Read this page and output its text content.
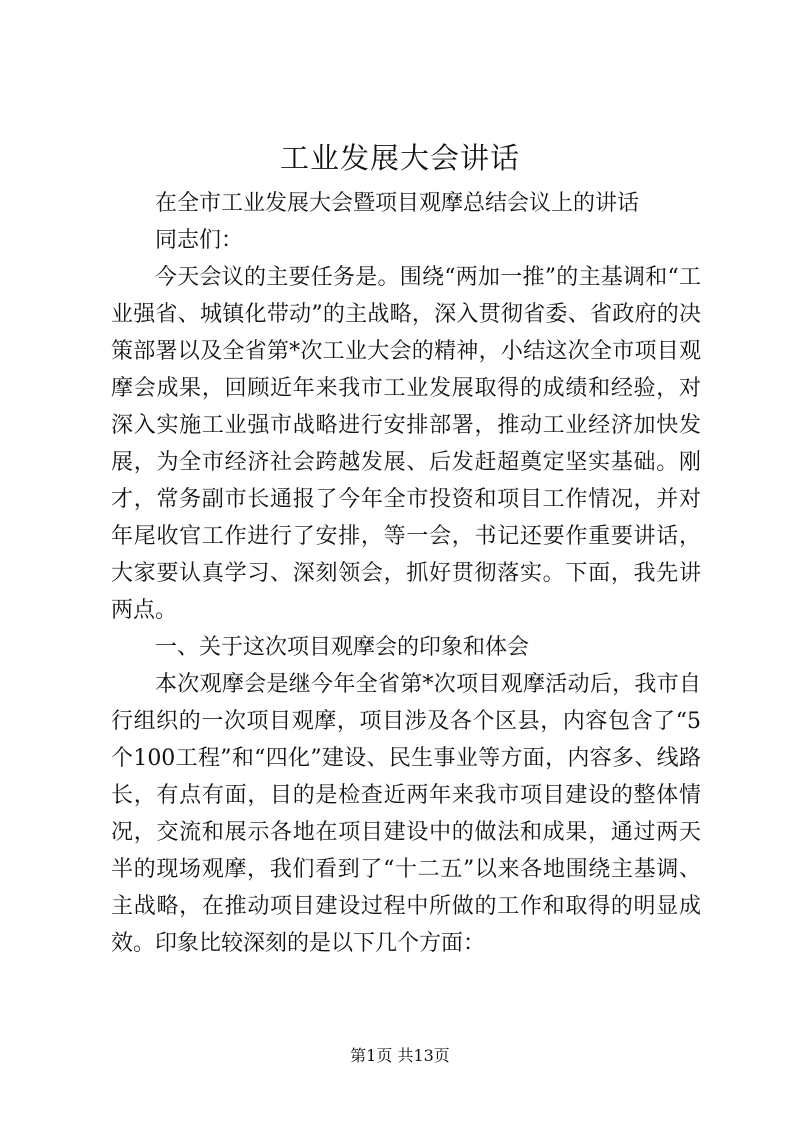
工业发展大会讲话

在全市工业发展大会暨项目观摩总结会议上的讲话

同志们：

今天会议的主要任务是。围绕“两加一推”的主基调和“工业强省、城镇化带动”的主战略，深入贯彻省委、省政府的决策部署以及全省第*次工业大会的精神，小结这次全市项目观摩会成果，回顾近年来我市工业发展取得的成绩和经验，对深入实施工业强市战略进行安排部署，推动工业经济加快发展，为全市经济社会跨越发展、后发赶超奠定坚实基础。刚才，常务副市长通报了今年全市投资和项目工作情况，并对年尾收官工作进行了安排，等一会，书记还要作重要讲话，大家要认真学习、深刻领会，抓好贯彻落实。下面，我先讲两点。

一、关于这次项目观摩会的印象和体会

本次观摩会是继今年全省第*次项目观摩活动后，我市自行组织的一次项目观摩，项目涉及各个区县，内容包含了“5个100工程”和“四化”建设、民生事业等方面，内容多、线路长，有点有面，目的是检查近两年来我市项目建设的整体情况，交流和展示各地在项目建设中的做法和成果，通过两天半的现场观摩，我们看到了“十二五”以来各地围绕主基调、主战略，在推动项目建设过程中所做的工作和取得的明显成效。印象比较深刻的是以下几个方面：

第1页 共13页
